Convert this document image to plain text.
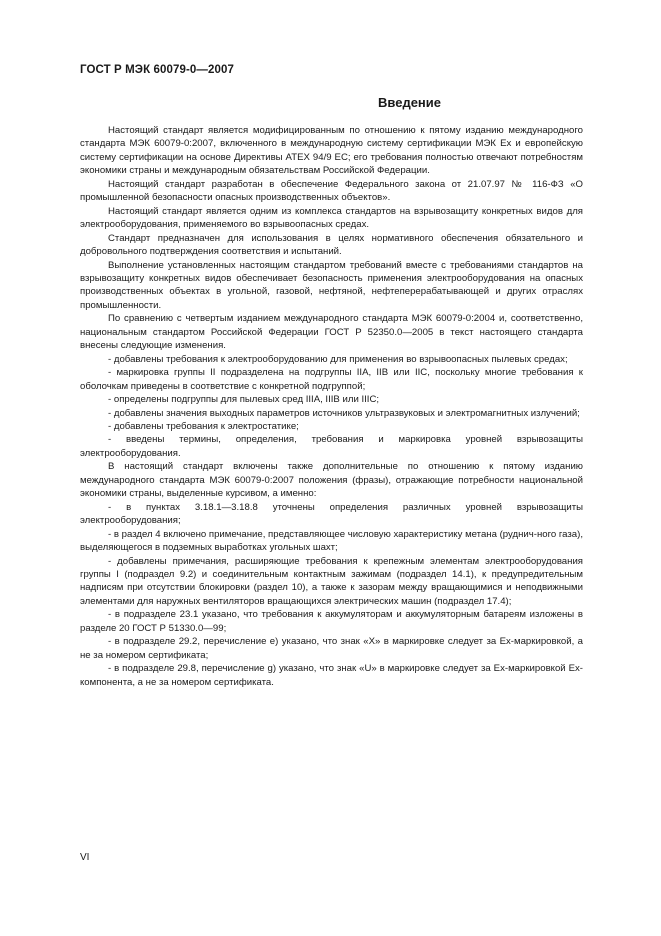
ГОСТ Р МЭК 60079-0—2007
Введение

Настоящий стандарт является модифицированным по отношению к пятому изданию международного стандарта МЭК 60079-0:2007, включенного в международную систему сертификации МЭК Ex и европейскую систему сертификации на основе Директивы ATEX 94/9 EC; его требования полностью отвечают потребностям экономики страны и международным обязательствам Российской Федерации.

Настоящий стандарт разработан в обеспечение Федерального закона от 21.07.97 № 116-ФЗ «О промышленной безопасности опасных производственных объектов».

Настоящий стандарт является одним из комплекса стандартов на взрывозащиту конкретных видов для электрооборудования, применяемого во взрывоопасных средах.

Стандарт предназначен для использования в целях нормативного обеспечения обязательного и добровольного подтверждения соответствия и испытаний.

Выполнение установленных настоящим стандартом требований вместе с требованиями стандартов на взрывозащиту конкретных видов обеспечивает безопасность применения электрооборудования на опасных производственных объектах в угольной, газовой, нефтяной, нефтеперерабатывающей и других отраслях промышленности.

По сравнению с четвертым изданием международного стандарта МЭК 60079-0:2004 и, соответственно, национальным стандартом Российской Федерации ГОСТ Р 52350.0—2005 в текст настоящего стандарта внесены следующие изменения.

- добавлены требования к электрооборудованию для применения во взрывоопасных пылевых средах;

- маркировка группы II подразделена на подгруппы IIA, IIB или IIC, поскольку многие требования к оболочкам приведены в соответствие с конкретной подгруппой;

- определены подгруппы для пылевых сред IIIA, IIIB или IIIC;

- добавлены значения выходных параметров источников ультразвуковых и электромагнитных излучений;

- добавлены требования к электростатике;

- введены термины, определения, требования и маркировка уровней взрывозащиты электрооборудования.

В настоящий стандарт включены также дополнительные по отношению к пятому изданию международного стандарта МЭК 60079-0:2007 положения (фразы), отражающие потребности национальной экономики страны, выделенные курсивом, а именно:

- в пунктах 3.18.1—3.18.8 уточнены определения различных уровней взрывозащиты электрооборудования;

- в раздел 4 включено примечание, представляющее числовую характеристику метана (руднич-ного газа), выделяющегося в подземных выработках угольных шахт;

- добавлены примечания, расширяющие требования к крепежным элементам электрооборудования группы I (подраздел 9.2) и соединительным контактным зажимам (подраздел 14.1), к предупредительным надписям при отсутствии блокировки (раздел 10), а также к зазорам между вращающимися и неподвижными элементами для наружных вентиляторов вращающихся электрических машин (подраздел 17.4);

- в подразделе 23.1 указано, что требования к аккумуляторам и аккумуляторным батареям изложены в разделе 20 ГОСТ Р 51330.0—99;

- в подразделе 29.2, перечисление e) указано, что знак «X» в маркировке следует за Ex-маркировкой, а не за номером сертификата;

- в подразделе 29.8, перечисление g) указано, что знак «U» в маркировке следует за Ex-маркировкой Ex-компонента, а не за номером сертификата.

VI
